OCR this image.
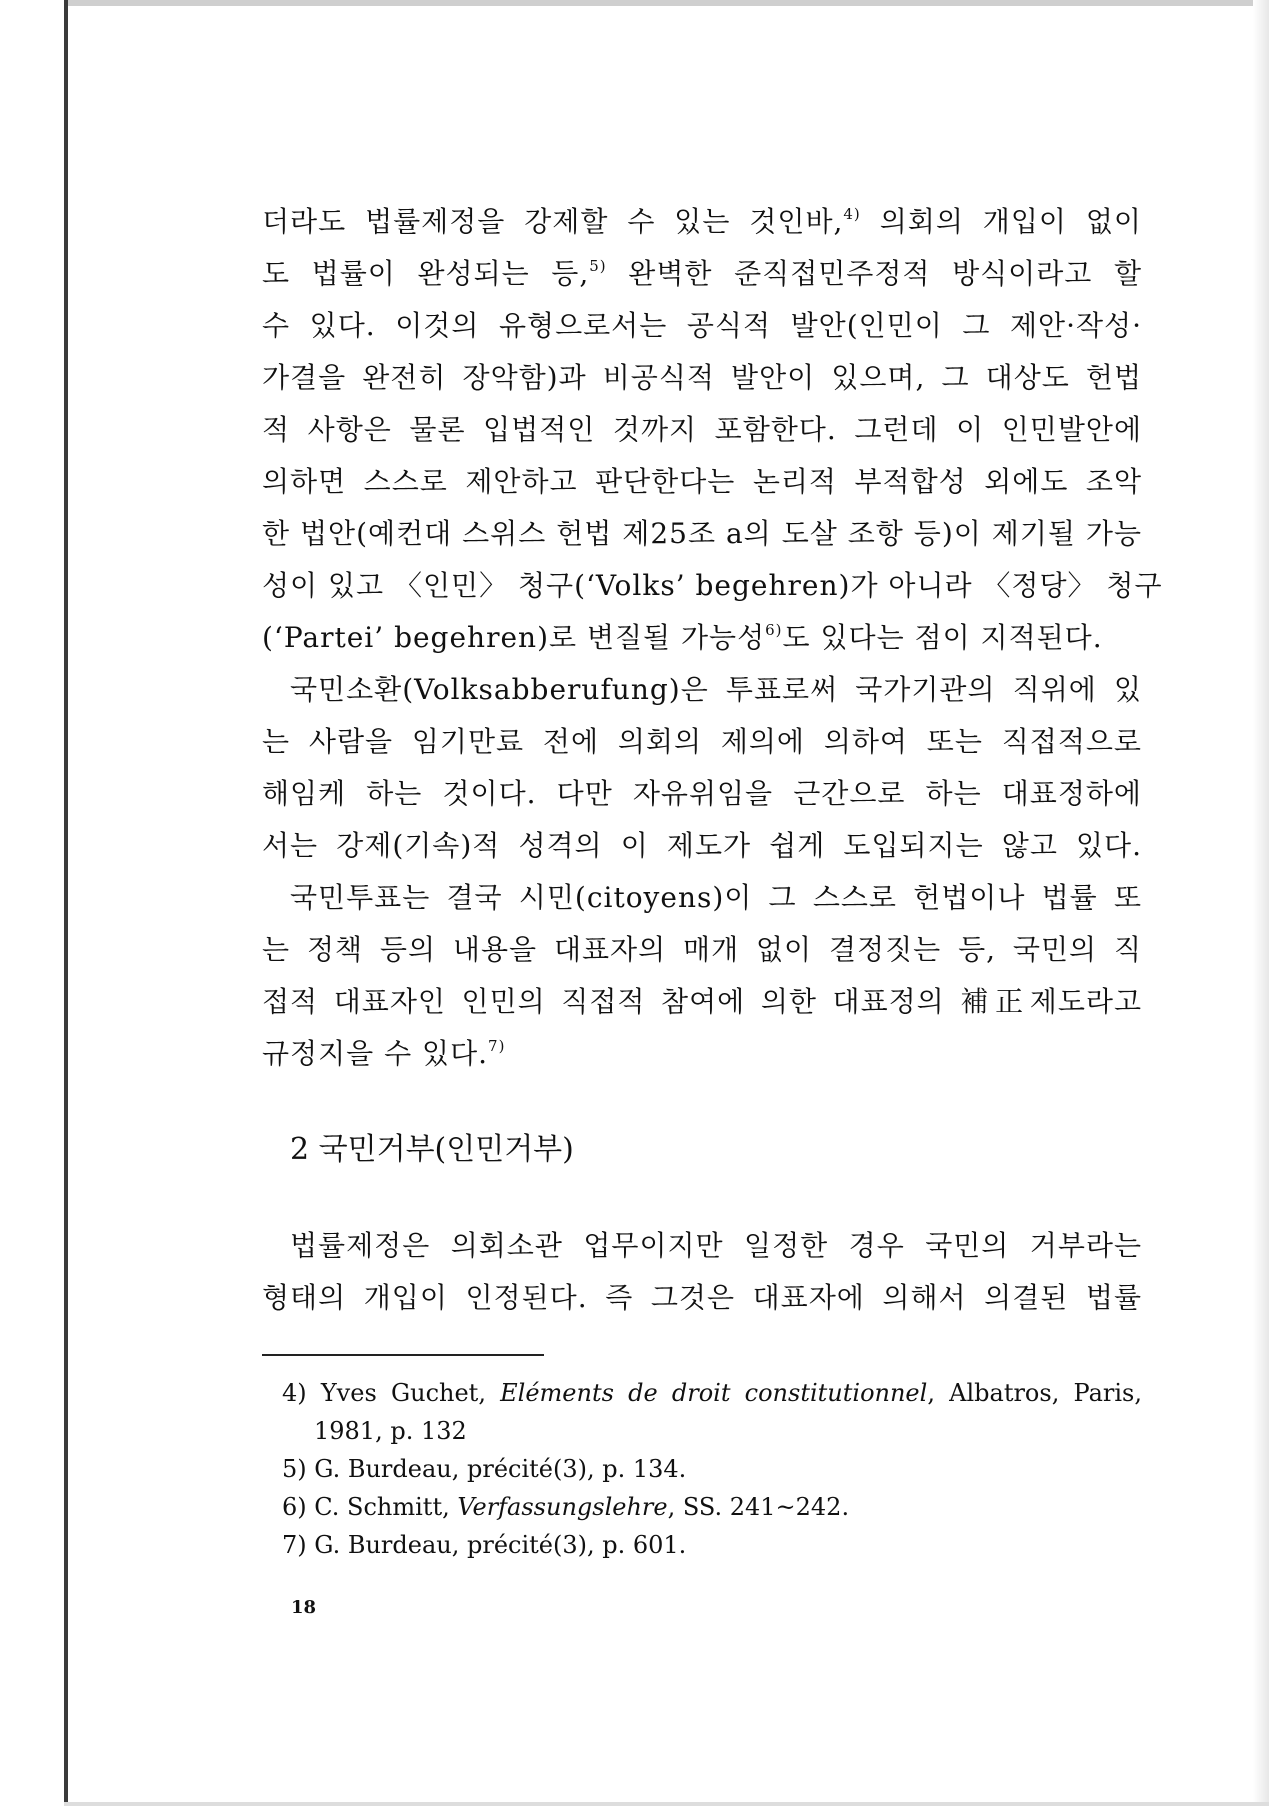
더라도 법률제정을 강제할 수 있는 것인바,$^{4)}$ 의회의 개입이 없이
도 법률이 완성되는 등,$^{5)}$ 완벽한 준직접민주정적 방식이라고 할
수 있다. 이것의 유형으로서는 공식적 발안(인민이 그 제안·작성·
가결을 완전히 장악함)과 비공식적 발안이 있으며, 그 대상도 헌법
적 사항은 물론 입법적인 것까지 포함한다. 그런데 이 인민발안에
의하면 스스로 제안하고 판단한다는 논리적 부적합성 외에도 조악
한 법안(예컨대 스위스 헌법 제25조 a의 도살 조항 등)이 제기될 가능
성이 있고 〈인민〉 청구(‘Volks’ begehren)가 아니라 〈정당〉 청구
(‘Partei’ begehren)로 변질될 가능성$^{6)}$도 있다는 점이 지적된다.
국민소환(Volksabberufung)은 투표로써 국가기관의 직위에 있
는 사람을 임기만료 전에 의회의 제의에 의하여 또는 직접적으로
해임케 하는 것이다. 다만 자유위임을 근간으로 하는 대표정하에
서는 강제(기속)적 성격의 이 제도가 쉽게 도입되지는 않고 있다.
국민투표는 결국 시민(citoyens)이 그 스스로 헌법이나 법률 또
는 정책 등의 내용을 대표자의 매개 없이 결정짓는 등, 국민의 직
접적 대표자인 인민의 직접적 참여에 의한 대표정의 補正제도라고
규정지을 수 있다.$^{7)}$
2 국민거부(인민거부)
법률제정은 의회소관 업무이지만 일정한 경우 국민의 거부라는
형태의 개입이 인정된다. 즉 그것은 대표자에 의해서 의결된 법률
4) Yves Guchet, Eléments de droit constitutionnel, Albatros, Paris,
1981, p. 132
5) G. Burdeau, précité(3), p. 134.
6) C. Schmitt, Verfassungslehre, SS. 241~242.
7) G. Burdeau, précité(3), p. 601.
18
